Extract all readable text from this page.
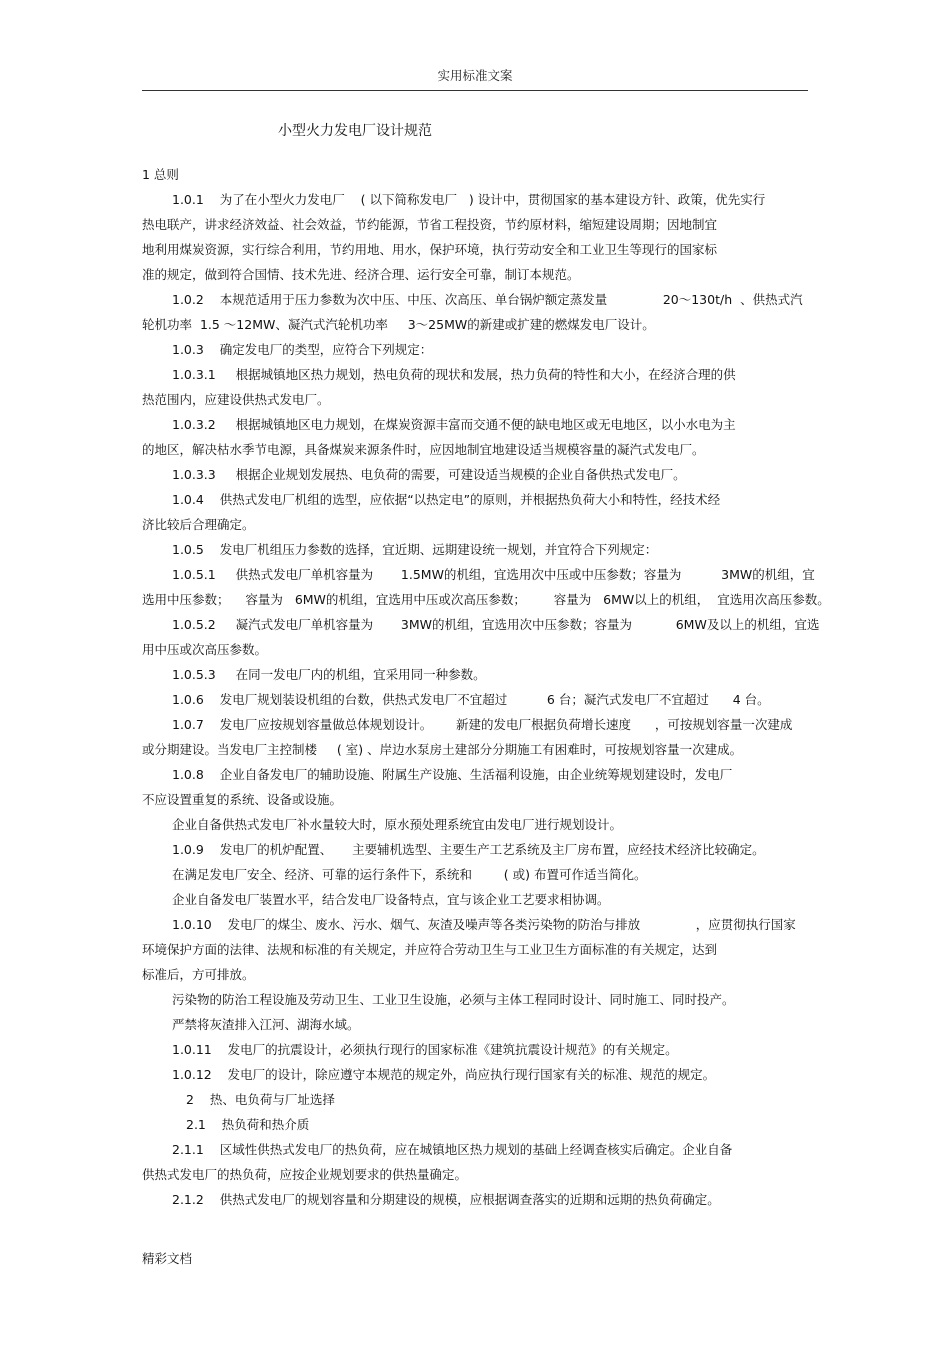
实用标准文案
小型火力发电厂设计规范
1 总则
1.0.1    为了在小型火力发电厂    ( 以下简称发电厂   ) 设计中，贯彻国家的基本建设方针、政策，优先实行
热电联产，讲求经济效益、社会效益，节约能源，节省工程投资，节约原材料，缩短建设周期；因地制宜
地利用煤炭资源，实行综合利用，节约用地、用水，保护环境，执行劳动安全和工业卫生等现行的国家标
准的规定，做到符合国情、技术先进、经济合理、运行安全可靠，制订本规范。
1.0.2    本规范适用于压力参数为次中压、中压、次高压、单台锅炉额定蒸发量              20～130t/h  、供热式汽
轮机功率  1.5 ～12MW、凝汽式汽轮机功率     3～25MW的新建或扩建的燃煤发电厂设计。
1.0.3    确定发电厂的类型，应符合下列规定：
1.0.3.1     根据城镇地区热力规划，热电负荷的现状和发展，热力负荷的特性和大小，在经济合理的供
热范围内，应建设供热式发电厂。
1.0.3.2     根据城镇地区电力规划，在煤炭资源丰富而交通不便的缺电地区或无电地区，以小水电为主
的地区，解决枯水季节电源，具备煤炭来源条件时，应因地制宜地建设适当规模容量的凝汽式发电厂。
1.0.3.3     根据企业规划发展热、电负荷的需要，可建设适当规模的企业自备供热式发电厂。
1.0.4    供热式发电厂机组的选型，应依据“以热定电”的原则，并根据热负荷大小和特性，经技术经
济比较后合理确定。
1.0.5    发电厂机组压力参数的选择，宜近期、远期建设统一规划，并宜符合下列规定：
1.0.5.1     供热式发电厂单机容量为       1.5MW的机组，宜选用次中压或中压参数；容量为          3MW的机组，宜
选用中压参数；    容量为   6MW的机组，宜选用中压或次高压参数；       容量为   6MW以上的机组，  宜选用次高压参数。
1.0.5.2     凝汽式发电厂单机容量为       3MW的机组，宜选用次中压参数；容量为           6MW及以上的机组，宜选
用中压或次高压参数。
1.0.5.3     在同一发电厂内的机组，宜采用同一种参数。
1.0.6    发电厂规划装设机组的台数，供热式发电厂不宜超过          6 台；凝汽式发电厂不宜超过      4 台。
1.0.7    发电厂应按规划容量做总体规划设计。      新建的发电厂根据负荷增长速度      ，可按规划容量一次建成
或分期建设。当发电厂主控制楼     ( 室) 、岸边水泵房土建部分分期施工有困难时，可按规划容量一次建成。
1.0.8    企业自备发电厂的辅助设施、附属生产设施、生活福利设施，由企业统筹规划建设时，发电厂
不应设置重复的系统、设备或设施。
企业自备供热式发电厂补水量较大时，原水预处理系统宜由发电厂进行规划设计。
1.0.9    发电厂的机炉配置、     主要辅机选型、主要生产工艺系统及主厂房布置，应经技术经济比较确定。
在满足发电厂安全、经济、可靠的运行条件下，系统和        ( 或) 布置可作适当简化。
企业自备发电厂装置水平，结合发电厂设备特点，宜与该企业工艺要求相协调。
1.0.10    发电厂的煤尘、废水、污水、烟气、灰渣及噪声等各类污染物的防治与排放              ，应贯彻执行国家
环境保护方面的法律、法规和标准的有关规定，并应符合劳动卫生与工业卫生方面标准的有关规定，达到
标准后，方可排放。
污染物的防治工程设施及劳动卫生、工业卫生设施，必须与主体工程同时设计、同时施工、同时投产。
严禁将灰渣排入江河、湖海水域。
1.0.11    发电厂的抗震设计，必须执行现行的国家标准《建筑抗震设计规范》的有关规定。
1.0.12    发电厂的设计，除应遵守本规范的规定外，尚应执行现行国家有关的标准、规范的规定。
2    热、电负荷与厂址选择
2.1    热负荷和热介质
2.1.1    区域性供热式发电厂的热负荷，应在城镇地区热力规划的基础上经调查核实后确定。企业自备
供热式发电厂的热负荷，应按企业规划要求的供热量确定。
2.1.2    供热式发电厂的规划容量和分期建设的规模，应根据调查落实的近期和远期的热负荷确定。
精彩文档
